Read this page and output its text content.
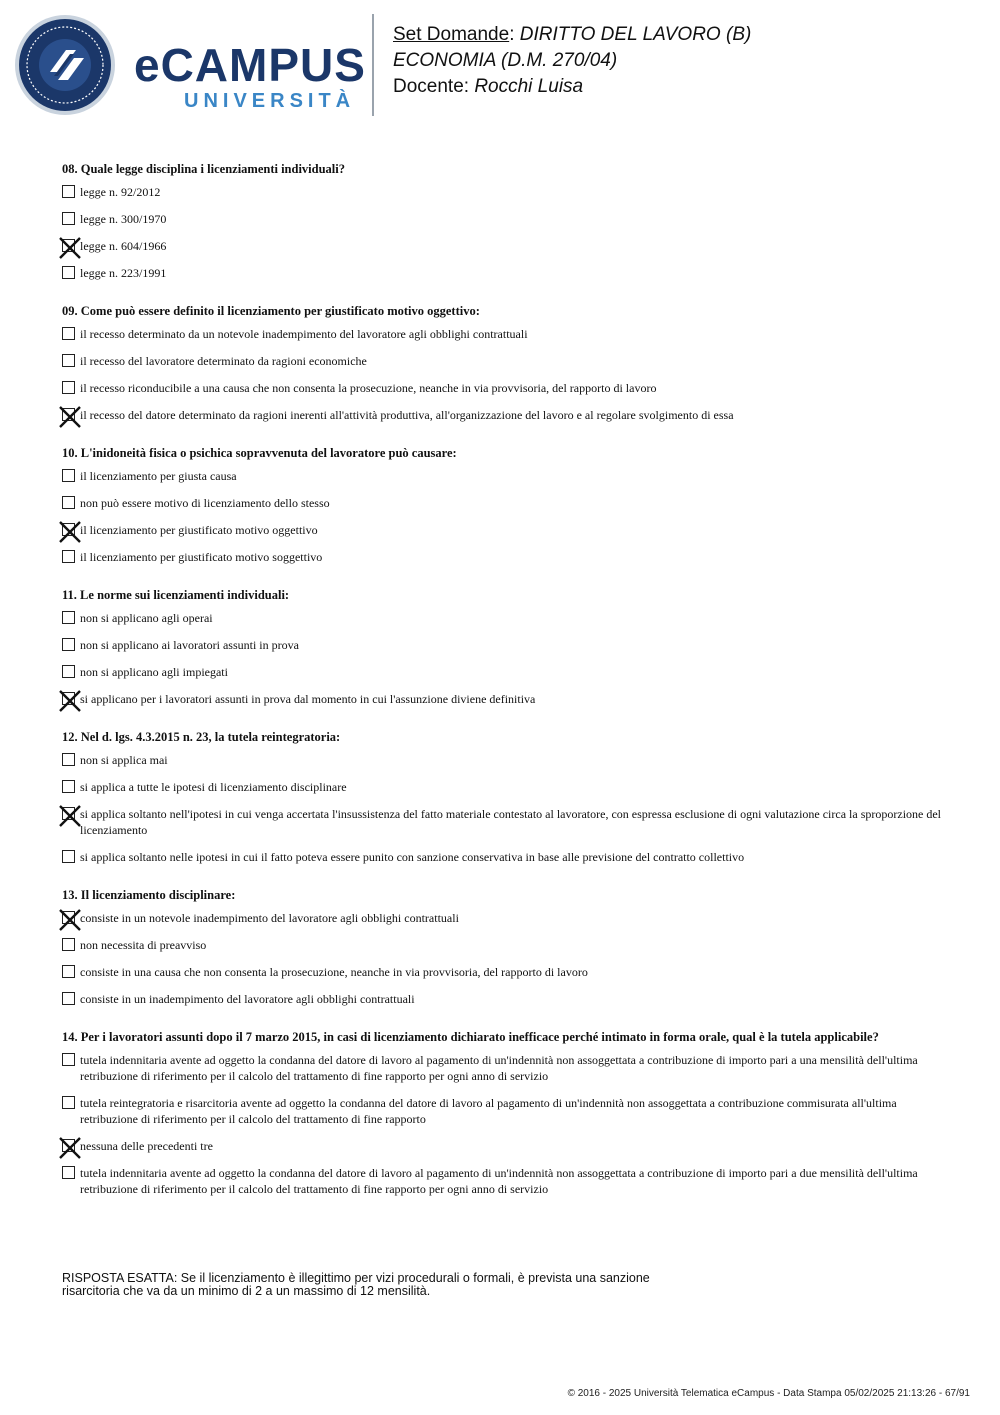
eCAMPUS
UNIVERSITÀ
Set Domande: DIRITTO DEL LAVORO (B)
ECONOMIA (D.M. 270/04)
Docente: Rocchi Luisa
08. Quale legge disciplina i licenziamenti individuali?
legge n. 92/2012
legge n. 300/1970
legge n. 604/1966
legge n. 223/1991
09. Come può essere definito il licenziamento per giustificato motivo oggettivo:
il recesso determinato da un notevole inadempimento del lavoratore agli obblighi contrattuali
il recesso del lavoratore determinato da ragioni economiche
il recesso riconducibile a una causa che non consenta la prosecuzione, neanche in via provvisoria, del rapporto di lavoro
il recesso del datore determinato da ragioni inerenti all'attività produttiva, all'organizzazione del lavoro e al regolare svolgimento di essa
10. L'inidoneità fisica o psichica sopravvenuta del lavoratore può causare:
il licenziamento per giusta causa
non può essere motivo di licenziamento dello stesso
il licenziamento per giustificato motivo oggettivo
il licenziamento per giustificato motivo soggettivo
11. Le norme sui licenziamenti individuali:
non si applicano agli operai
non si applicano ai lavoratori assunti in prova
non si applicano agli impiegati
si applicano per i lavoratori assunti in prova dal momento in cui l'assunzione diviene definitiva
12. Nel d. lgs. 4.3.2015 n. 23, la tutela reintegratoria:
non si applica mai
si applica a tutte le ipotesi di licenziamento disciplinare
si applica soltanto nell'ipotesi in cui venga accertata l'insussistenza del fatto materiale contestato al lavoratore, con espressa esclusione di ogni valutazione circa la sproporzione del licenziamento
si applica soltanto nelle ipotesi in cui il fatto poteva essere punito con sanzione conservativa in base alle previsione del contratto collettivo
13. Il licenziamento disciplinare:
consiste in un notevole inadempimento del lavoratore agli obblighi contrattuali
non necessita di preavviso
consiste in una causa che non consenta la prosecuzione, neanche in via provvisoria, del rapporto di lavoro
consiste in un inadempimento del lavoratore agli obblighi contrattuali
14. Per i lavoratori assunti dopo il 7 marzo 2015, in casi di licenziamento dichiarato inefficace perché intimato in forma orale, qual è la tutela applicabile?
tutela indennitaria avente ad oggetto la condanna del datore di lavoro al pagamento di un'indennità non assoggettata a contribuzione di importo pari a una mensilità dell'ultima retribuzione di riferimento per il calcolo del trattamento di fine rapporto per ogni anno di servizio
tutela reintegratoria e risarcitoria avente ad oggetto la condanna del datore di lavoro al pagamento di un'indennità non assoggettata a contribuzione commisurata all'ultima retribuzione di riferimento per il calcolo del trattamento di fine rapporto
nessuna delle precedenti tre
tutela indennitaria avente ad oggetto la condanna del datore di lavoro al pagamento di un'indennità non assoggettata a contribuzione di importo pari a due mensilità dell'ultima retribuzione di riferimento per il calcolo del trattamento di fine rapporto per ogni anno di servizio
RISPOSTA ESATTA: Se il licenziamento è illegittimo per vizi procedurali o formali, è prevista una sanzione
risarcitoria che va da un minimo di 2 a un massimo di 12 mensilità.
© 2016 - 2025 Università Telematica eCampus - Data Stampa 05/02/2025 21:13:26 - 67/91
